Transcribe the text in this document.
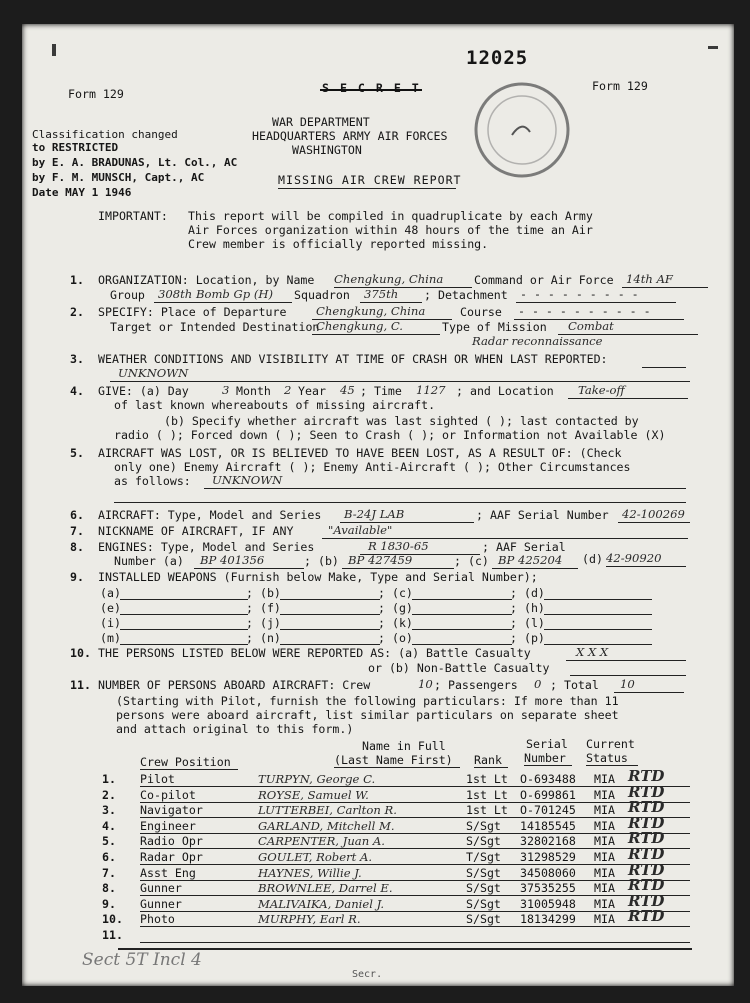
Form 129
Form 129
12025
S E C R E T
WAR DEPARTMENT
HEADQUARTERS ARMY AIR FORCES
WASHINGTON
MISSING AIR CREW REPORT
Classification changed
to RESTRICTED
by E. A. BRADUNAS, Lt. Col., AC
by F. M. MUNSCH, Capt., AC
Date MAY 1 1946
IMPORTANT: This report will be compiled in quadruplicate by each Army
Air Forces organization within 48 hours of the time an Air
Crew member is officially reported missing.
1. ORGANIZATION: Location, by Name Chengkung, China	Command or Air Force 14th AF
Group 308th Bomb Gp (H) Squadron 375th ; Detachment - - - - - - - - -
2. SPECIFY: Place of Departure	Chengkung, China	Course - - - - - - - - - -
Target or Intended Destination
Chengkung, C.	Type of Mission Combat
Radar reconnaissance
3. WEATHER CONDITIONS AND VISIBILITY AT TIME OF CRASH OR WHEN LAST REPORTED:
UNKNOWN
4. GIVE: (a) Day	3 Month 2 Year 45 ; Time 1127 ; and Location Take-off
of last known whereabouts of missing aircraft.
(b) Specify whether aircraft was last sighted ( ); last contacted by
radio ( ); Forced down ( ); Seen to Crash ( ); or Information not Available (X)
5. AIRCRAFT WAS LOST, OR IS BELIEVED TO HAVE BEEN LOST, AS A RESULT OF: (Check
only one) Enemy Aircraft ( ); Enemy Anti-Aircraft ( ); Other Circumstances
as follows: UNKNOWN
6. AIRCRAFT: Type, Model and Series B-24J LAB	; AAF Serial Number 42-100269
7. NICKNAME OF AIRCRAFT, IF ANY	"Available"
8. ENGINES: Type, Model and Series	R 1830-65	; AAF Serial
Number (a) BP 401356	; (b) BP 427459	; (c) BP 425204 (d) 42-90920
9. INSTALLED WEAPONS (Furnish below Make, Type and Serial Number);
(a)	; (b)	; (c)	; (d)
(e)	; (f)	; (g)	; (h)
(i)	; (j)	; (k)	; (l)
(m)	; (n)	; (o)	; (p)
10. THE PERSONS LISTED BELOW WERE REPORTED AS: (a) Battle Casualty	X X X
or (b) Non-Battle Casualty
11. NUMBER OF PERSONS ABOARD AIRCRAFT: Crew	10 ; Passengers 0 ; Total 10
(Starting with Pilot, furnish the following particulars: If more than 11
persons were aboard aircraft, list similar particulars on separate sheet
and attach original to this form.)
Crew Position
Name in Full
(Last Name First) Rank
Serial
Number
Current
Status
1. Pilot	TURPYN, George C.	1st Lt O-693488 MIA RTD
2. Co-pilot	ROYSE, Samuel W.	1st Lt O-699861 MIA RTD
3. Navigator	LUTTERBEI, Carlton R.	1st Lt O-701245 MIA RTD
4. Engineer	GARLAND, Mitchell M.	S/Sgt 14185545 MIA RTD
5. Radio Opr	CARPENTER, Juan A.	S/Sgt 32802168 MIA RTD
6. Radar Opr	GOULET, Robert A.	T/Sgt 31298529 MIA RTD
7. Asst Eng	HAYNES, Willie J.	S/Sgt 34508060 MIA RTD
8. Gunner	BROWNLEE, Darrel E.	S/Sgt 37535255 MIA RTD
9. Gunner	MALIVAIKA, Daniel J.	S/Sgt 31005948 MIA RTD
10. Photo	MURPHY, Earl R.	S/Sgt 18134299 MIA RTD
11.
Sect 5T Incl 4
Secr.
